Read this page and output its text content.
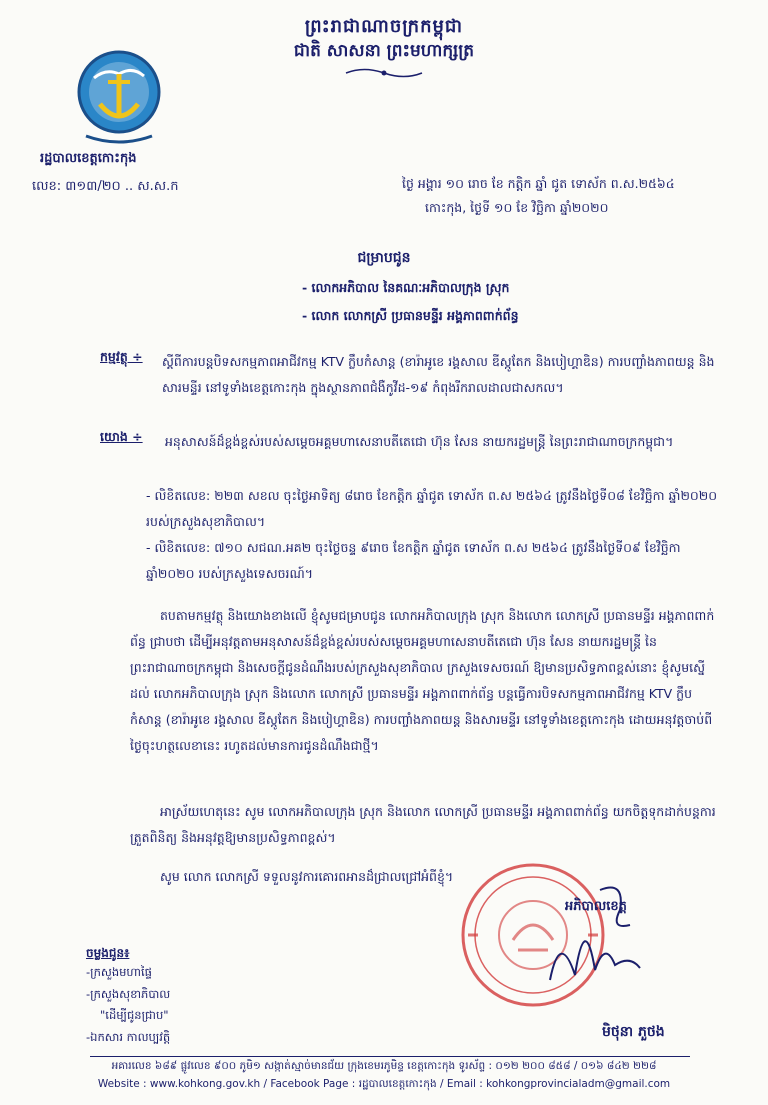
ព្រះរាជាណាចក្រកម្ពុជា
ជាតិ សាសនា ព្រះមហាក្សត្រ
រដ្ឋបាលខេត្តកោះកុង
លេខ: ៣១៣/២០ .. ស.ស.ក	ថ្ងៃ អង្គារ ១០ រោច ខែ កត្តិក ឆ្នាំ ជូត ទោស័ក ព.ស.២៥៦៤
កោះកុង, ថ្ងៃទី ១០ ខែ វិច្ឆិកា ឆ្នាំ២០២០
ជម្រាបជូន
- លោកអភិបាល នៃគណៈអភិបាលក្រុង ស្រុក
- លោក លោកស្រី ប្រធានមន្ទីរ អង្គភាពពាក់ព័ន្ធ
កម្មវត្ថុ ÷ ស្តីពីការបន្តបិទសកម្មភាពអាជីវកម្ម KTV ក្លឹបកំសាន្ត (ខារ៉ាអូខេ រង្គសាល ឌីស្កូតែក និងបៀហ្គាឌិន) ការបញ្ចាំងភាពយន្ត និងសារមន្ទីរ នៅទូទាំងខេត្តកោះកុង ក្នុងស្ថានភាពជំងឺកូវីដ-១៩ កំពុងរីករាលដាលជាសកល។
យោង ÷ អនុសាសន៍ដ៏ខ្ពង់ខ្ពស់របស់សម្តេចអគ្គមហាសេនាបតីតេជោ ហ៊ុន សែន នាយករដ្ឋមន្ត្រី នៃព្រះរាជាណាចក្រកម្ពុជា។
- លិខិតលេខ: ២២៣ សខល ចុះថ្ងៃអាទិត្យ ៨រោច ខែកត្តិក ឆ្នាំជូត ទោស័ក ព.ស ២៥៦៤ ត្រូវនឹងថ្ងៃទី០៨ ខែវិច្ឆិកា ឆ្នាំ២០២០ របស់ក្រសួងសុខាភិបាល។
- លិខិតលេខ: ៧១០ សជណ.អគ២ ចុះថ្ងៃចន្ទ ៩រោច ខែកត្តិក ឆ្នាំជូត ទោស័ក ព.ស ២៥៦៤ ត្រូវនឹងថ្ងៃទី០៩ ខែវិច្ឆិកា ឆ្នាំ២០២០ របស់ក្រសួងទេសចរណ៍។
តបតាមកម្មវត្ថុ និងយោងខាងលើ ខ្ញុំសូមជម្រាបជូន លោកអភិបាលក្រុង ស្រុក និងលោក លោកស្រី ប្រធានមន្ទីរ អង្គភាពពាក់ព័ន្ធ ជ្រាបថា ដើម្បីអនុវត្តតាមអនុសាសន៍ដ៏ខ្ពង់ខ្ពស់របស់សម្តេចអគ្គមហាសេនាបតីតេជោ ហ៊ុន សែន នាយករដ្ឋមន្ត្រី នៃព្រះរាជាណាចក្រកម្ពុជា និងសេចក្តីជូនដំណឹងរបស់ក្រសួងសុខាភិបាល ក្រសួងទេសចរណ៍ ឱ្យមានប្រសិទ្ធភាពខ្ពស់នោះ ខ្ញុំសូមស្នើដល់ លោកអភិបាលក្រុង ស្រុក និងលោក លោកស្រី ប្រធានមន្ទីរ អង្គភាពពាក់ព័ន្ធ បន្តធ្វើការបិទសកម្មភាពអាជីវកម្ម KTV ក្លឹបកំសាន្ត (ខារ៉ាអូខេ រង្គសាល ឌីស្កូតែក និងបៀហ្គាឌិន) ការបញ្ចាំងភាពយន្ត និងសារមន្ទីរ នៅទូទាំងខេត្តកោះកុង ដោយអនុវត្តចាប់ពីថ្ងៃចុះហត្ថលេខានេះ រហូតដល់មានការជូនដំណឹងជាថ្មី។
អាស្រ័យហេតុនេះ សូម លោកអភិបាលក្រុង ស្រុក និងលោក លោកស្រី ប្រធានមន្ទីរ អង្គភាពពាក់ព័ន្ធ យកចិត្តទុកដាក់បន្តការត្រួតពិនិត្យ និងអនុវត្តឱ្យមានប្រសិទ្ធភាពខ្ពស់។
សូម លោក លោកស្រី ទទួលនូវការគោរពអានដ៏ជ្រាលជ្រៅអំពីខ្ញុំ។
អភិបាលខេត្ត
មិថុនា ភួថង
ចម្លងជូន៖
-ក្រសួងមហាផ្ទៃ
-ក្រសួងសុខាភិបាល
"ដើម្បីជូនជ្រាប"
-ឯកសារ កាលប្បវត្តិ
អគារលេខ ៦៨៩ ផ្លូវលេខ ៩០០ ភូមិ១ សង្កាត់ស្មាច់មានជ័យ ក្រុងខេមរភូមិន្ទ ខេត្តកោះកុង ទូរស័ព្ទ : ០១២ ២០០ ៨៥៨ / ០១៦ ៨៤២ ២២៨
Website : www.kohkong.gov.kh / Facebook Page : រដ្ឋបាលខេត្តកោះកុង / Email : kohkongprovincialadm@gmail.com
